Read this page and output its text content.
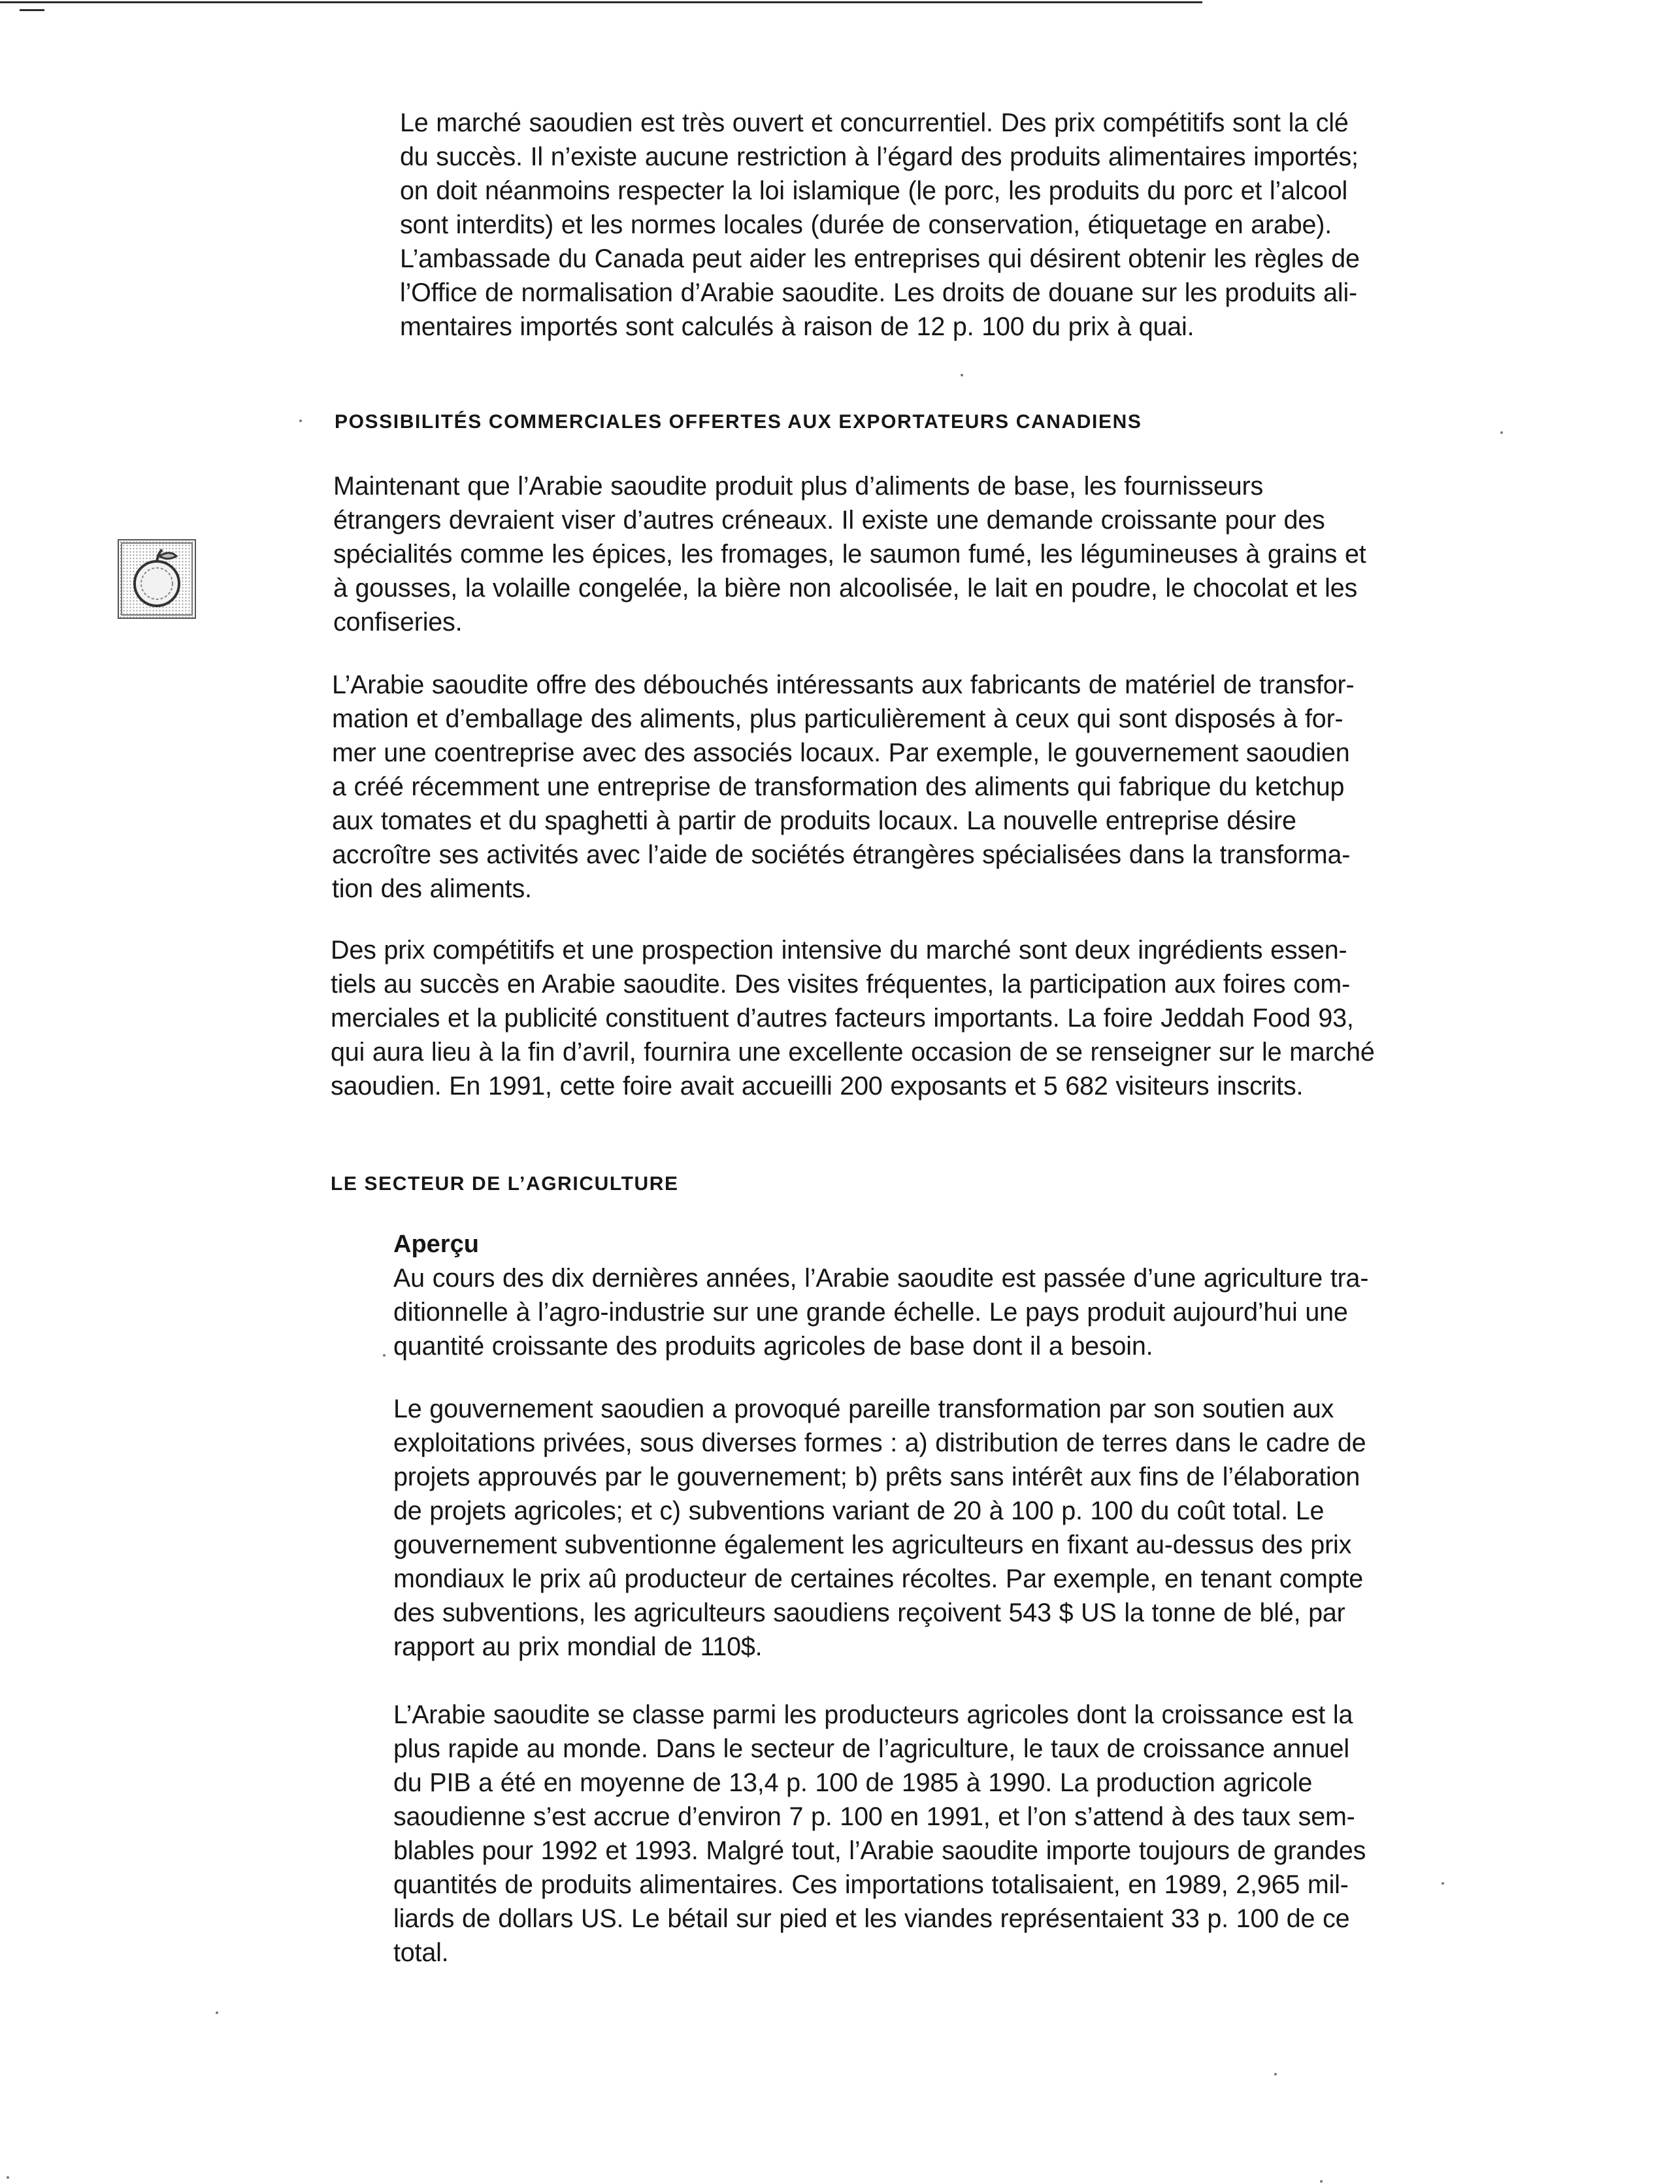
Le marché saoudien est très ouvert et concurrentiel. Des prix compétitifs sont la clé
du succès. Il n’existe aucune restriction à l’égard des produits alimentaires importés;
on doit néanmoins respecter la loi islamique (le porc, les produits du porc et l’alcool
sont interdits) et les normes locales (durée de conservation, étiquetage en arabe).
L’ambassade du Canada peut aider les entreprises qui désirent obtenir les règles de
l’Office de normalisation d’Arabie saoudite. Les droits de douane sur les produits ali-
mentaires importés sont calculés à raison de 12 p. 100 du prix à quai.
POSSIBILITÉS COMMERCIALES OFFERTES AUX EXPORTATEURS CANADIENS
Maintenant que l’Arabie saoudite produit plus d’aliments de base, les fournisseurs
étrangers devraient viser d’autres créneaux. Il existe une demande croissante pour des
spécialités comme les épices, les fromages, le saumon fumé, les légumineuses à grains et
à gousses, la volaille congelée, la bière non alcoolisée, le lait en poudre, le chocolat et les
confiseries.
L’Arabie saoudite offre des débouchés intéressants aux fabricants de matériel de transfor-
mation et d’emballage des aliments, plus particulièrement à ceux qui sont disposés à for-
mer une coentreprise avec des associés locaux. Par exemple, le gouvernement saoudien
a créé récemment une entreprise de transformation des aliments qui fabrique du ketchup
aux tomates et du spaghetti à partir de produits locaux. La nouvelle entreprise désire
accroître ses activités avec l’aide de sociétés étrangères spécialisées dans la transforma-
tion des aliments.
Des prix compétitifs et une prospection intensive du marché sont deux ingrédients essen-
tiels au succès en Arabie saoudite. Des visites fréquentes, la participation aux foires com-
merciales et la publicité constituent d’autres facteurs importants. La foire Jeddah Food 93,
qui aura lieu à la fin d’avril, fournira une excellente occasion de se renseigner sur le marché
saoudien. En 1991, cette foire avait accueilli 200 exposants et 5 682 visiteurs inscrits.
LE SECTEUR DE L’AGRICULTURE
Aperçu
Au cours des dix dernières années, l’Arabie saoudite est passée d’une agriculture tra-
ditionnelle à l’agro-industrie sur une grande échelle. Le pays produit aujourd’hui une
quantité croissante des produits agricoles de base dont il a besoin.
Le gouvernement saoudien a provoqué pareille transformation par son soutien aux
exploitations privées, sous diverses formes : a) distribution de terres dans le cadre de
projets approuvés par le gouvernement; b) prêts sans intérêt aux fins de l’élaboration
de projets agricoles; et c) subventions variant de 20 à 100 p. 100 du coût total. Le
gouvernement subventionne également les agriculteurs en fixant au-dessus des prix
mondiaux le prix aû producteur de certaines récoltes. Par exemple, en tenant compte
des subventions, les agriculteurs saoudiens reçoivent 543 $ US la tonne de blé, par
rapport au prix mondial de 110$.
L’Arabie saoudite se classe parmi les producteurs agricoles dont la croissance est la
plus rapide au monde. Dans le secteur de l’agriculture, le taux de croissance annuel
du PIB a été en moyenne de 13,4 p. 100 de 1985 à 1990. La production agricole
saoudienne s’est accrue d’environ 7 p. 100 en 1991, et l’on s’attend à des taux sem-
blables pour 1992 et 1993. Malgré tout, l’Arabie saoudite importe toujours de grandes
quantités de produits alimentaires. Ces importations totalisaient, en 1989, 2,965 mil-
liards de dollars US. Le bétail sur pied et les viandes représentaient 33 p. 100 de ce
total.
